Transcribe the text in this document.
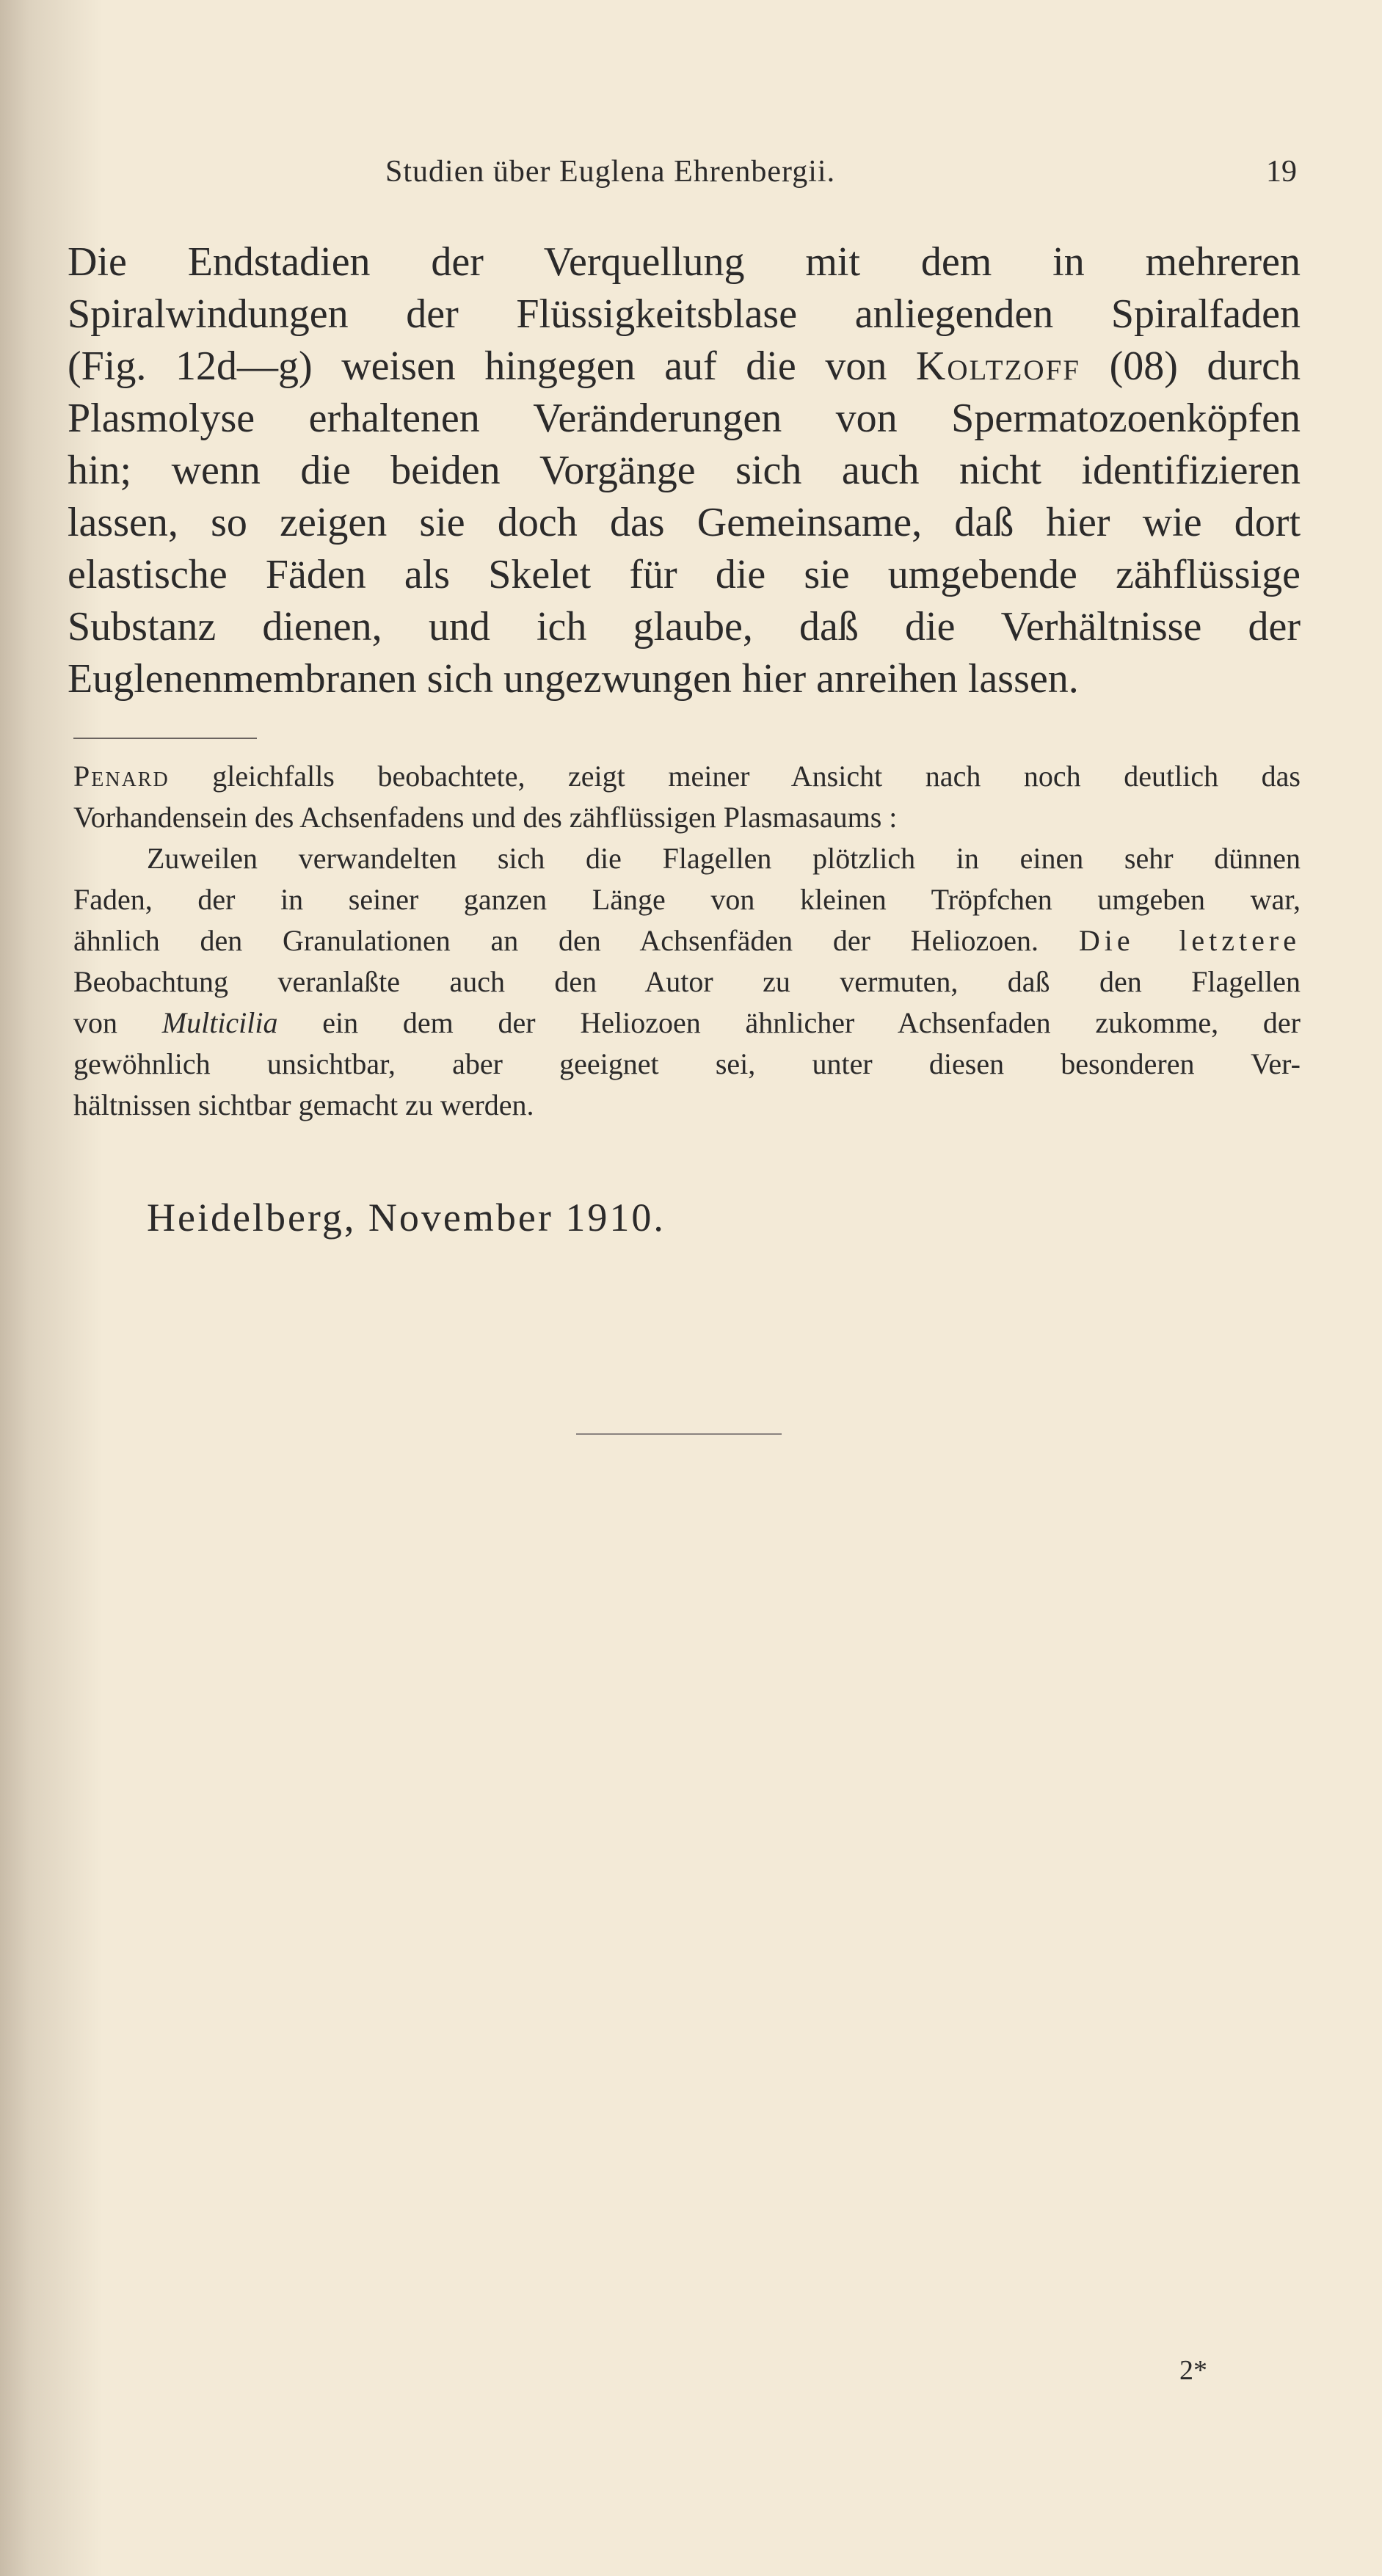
Studien über Euglena Ehrenbergii.	19
Die Endstadien der Verquellung mit dem in mehreren
Spiralwindungen der Flüssigkeitsblase anliegenden Spiralfaden
(Fig. 12d—g) weisen hingegen auf die von Koltzoff (08) durch
Plasmolyse erhaltenen Veränderungen von Spermatozoenköpfen
hin; wenn die beiden Vorgänge sich auch nicht identifizieren
lassen, so zeigen sie doch das Gemeinsame, daß hier wie dort
elastische Fäden als Skelet für die sie umgebende zähflüssige
Substanz dienen, und ich glaube, daß die Verhältnisse der
Euglenenmembranen sich ungezwungen hier anreihen lassen.
Penard gleichfalls beobachtete, zeigt meiner Ansicht nach noch deutlich das
Vorhandensein des Achsenfadens und des zähflüssigen Plasmasaums :
Zuweilen verwandelten sich die Flagellen plötzlich in einen sehr dünnen
Faden, der in seiner ganzen Länge von kleinen Tröpfchen umgeben war,
ähnlich den Granulationen an den Achsenfäden der Heliozoen. Die letztere
Beobachtung veranlaßte auch den Autor zu vermuten, daß den Flagellen
von Multicilia ein dem der Heliozoen ähnlicher Achsenfaden zukomme, der
gewöhnlich unsichtbar, aber geeignet sei, unter diesen besonderen Ver-
hältnissen sichtbar gemacht zu werden.
Heidelberg, November 1910.
2*
